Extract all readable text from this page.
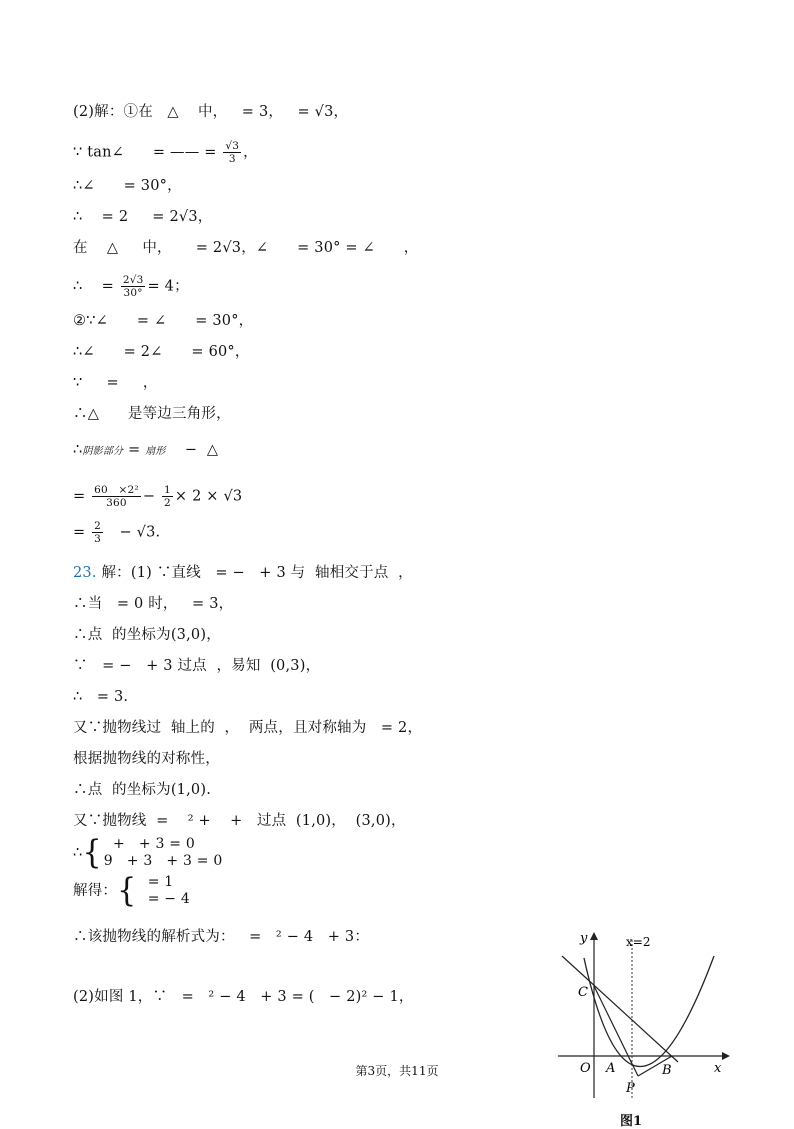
(2)解：①在   △    中，   = 3，   = √3，
∵ tan∠      = —— = $\frac{√3}{3}$ ，
∴∠      = 30°，
∴    = 2     = 2√3，
在    △     中，     = 2√3，∠      = 30° = ∠      ，
∴    = $\frac{2√3}{30^\circ} = 4$；
②∵∠      = ∠      = 30°，
∴∠      = 2∠      = 60°，
∵     =     ，
∴△      是等边三角形，
∴阴影部分 = 扇形    −  △
= $\frac{\text{60   ×2²}}{360} - \frac{1}{2} \times 2 \times √3$
= $\frac{2}{3} - √3$.
23. 解：(1) ∵直线   = −   + 3 与  轴相交于点  ，
∴当   = 0 时，   = 3，
∴点  的坐标为(3,0)，
∵   = −   + 3 过点  ，易知  (0,3)，
∴   = 3.
又∵抛物线过  轴上的  ，  两点，且对称轴为   = 2，
根据抛物线的对称性，
∴点  的坐标为(1,0).
又∵抛物线  =    ² +    +   过点  (1,0)，  (3,0)，
∴{ +   + 3 = 0
9   + 3   + 3 = 0
解得：{ = 1
= − 4
∴该抛物线的解析式为：   =   ² − 4   + 3：
(2)如图 1，∵   =   ² − 4   + 3 = (   − 2)² − 1，
第3页，共11页
y
x
x=2
C
O A	B
P
图1
